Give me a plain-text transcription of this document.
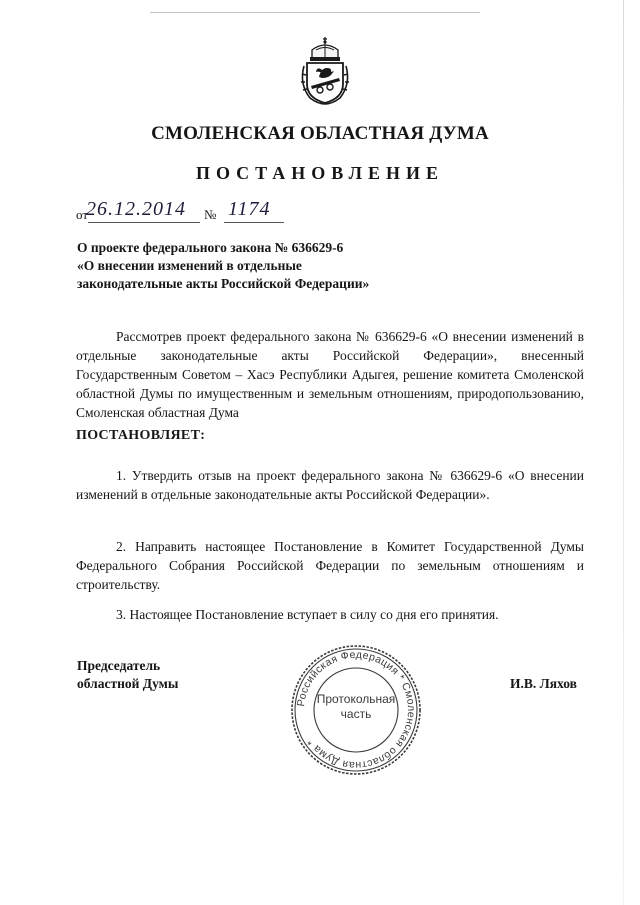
СМОЛЕНСКАЯ ОБЛАСТНАЯ ДУМА
ПОСТАНОВЛЕНИЕ
от
26.12.2014 № 1174
О проекте федерального закона № 636629-6
«О внесении изменений в отдельные
законодательные акты Российской Федерации»
Рассмотрев проект федерального закона № 636629-6 «О внесении изменений в отдельные законодательные акты Российской Федерации», внесенный Государственным Советом – Хасэ Республики Адыгея, решение комитета Смоленской областной Думы по имущественным и земельным отношениям, природопользованию, Смоленская областная Дума
ПОСТАНОВЛЯЕТ:
1. Утвердить отзыв на проект федерального закона № 636629-6 «О внесении изменений в отдельные законодательные акты Российской Федерации».
2. Направить настоящее Постановление в Комитет Государственной Думы Федерального Собрания Российской Федерации по земельным отношениям и строительству.
3. Настоящее Постановление вступает в силу со дня его принятия.
Председатель
областной Думы
Российская Федерация * Смоленская областная Дума *
Протокольная
часть
И.В. Ляхов
